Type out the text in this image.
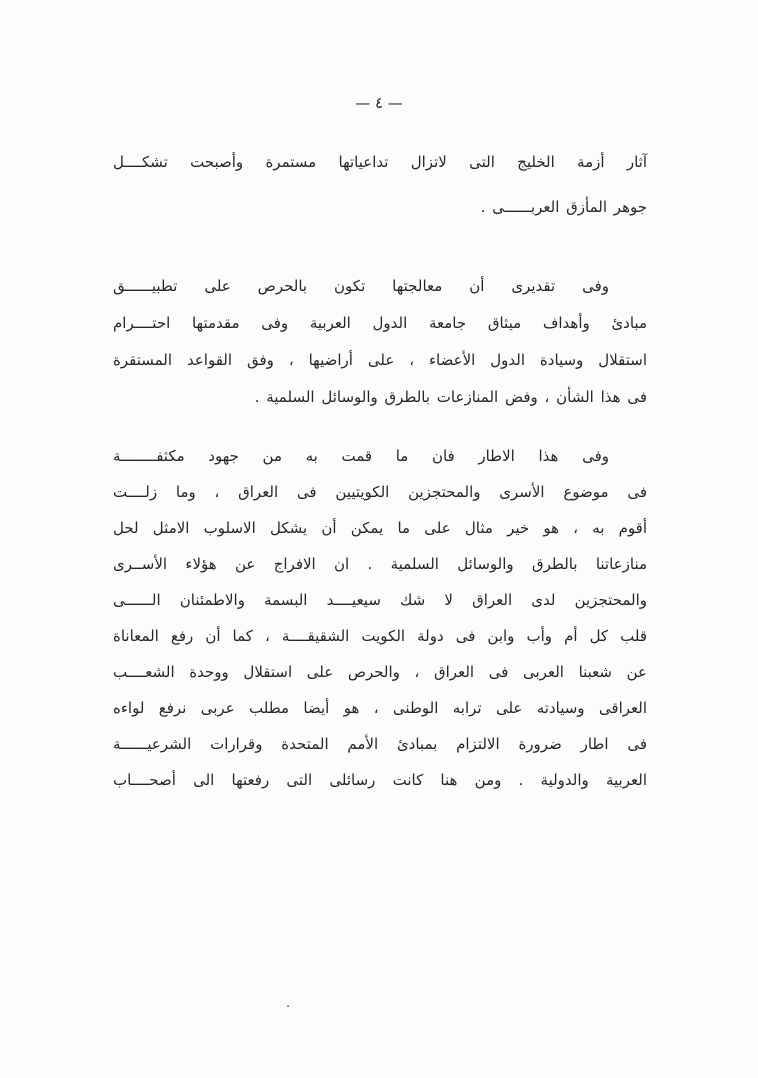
— ٤ —
آثار أزمة الخليج التى لاتزال تداعياتها مستمرة وأصبحت تشكــــل
جوهر المأزق العربــــــى .
وفى تقديرى أن معالجتها تكون بالحرص على تطبيــــــق
مبادئ وأهداف ميثاق جامعة الدول العربية وفى مقدمتها احتــــرام
استقلال وسيادة الدول الأعضاء ، على أراضيها ، وفق القواعد المستقرة
فى هذا الشأن ، وفض المنازعات بالطرق والوسائل السلمية .
وفى هذا الاطار فان ما قمت به من جهود مكثفــــــــة
فى موضوع الأسرى والمحتجزين الكويتيين فى العراق ، وما زلــــت
أقوم به ، هو خير مثال على ما يمكن أن يشكل الاسلوب الامثل لحل
منازعاتنا بالطرق والوسائل السلمية . ان الافراج عن هؤلاء الأســرى
والمحتجزين لدى العراق لا شك سيعيــــد البسمة والاطمئنان الــــــى
قلب كل أم وأب وابن فى دولة الكويت الشقيقــــة ، كما أن رفع المعاناة
عن شعبنا العربى فى العراق ، والحرص على استقلال ووحدة الشعــــب
العراقى وسيادته على ترابه الوطنى ، هو أيضا مطلب عربى نرفع لواءه
فى اطار ضرورة الالتزام بمبادئ الأمم المتحدة وقرارات الشرعيــــــة
العربية والدولية . ومن هنا كانت رسائلى التى رفعتها الى أصحــــاب
.
